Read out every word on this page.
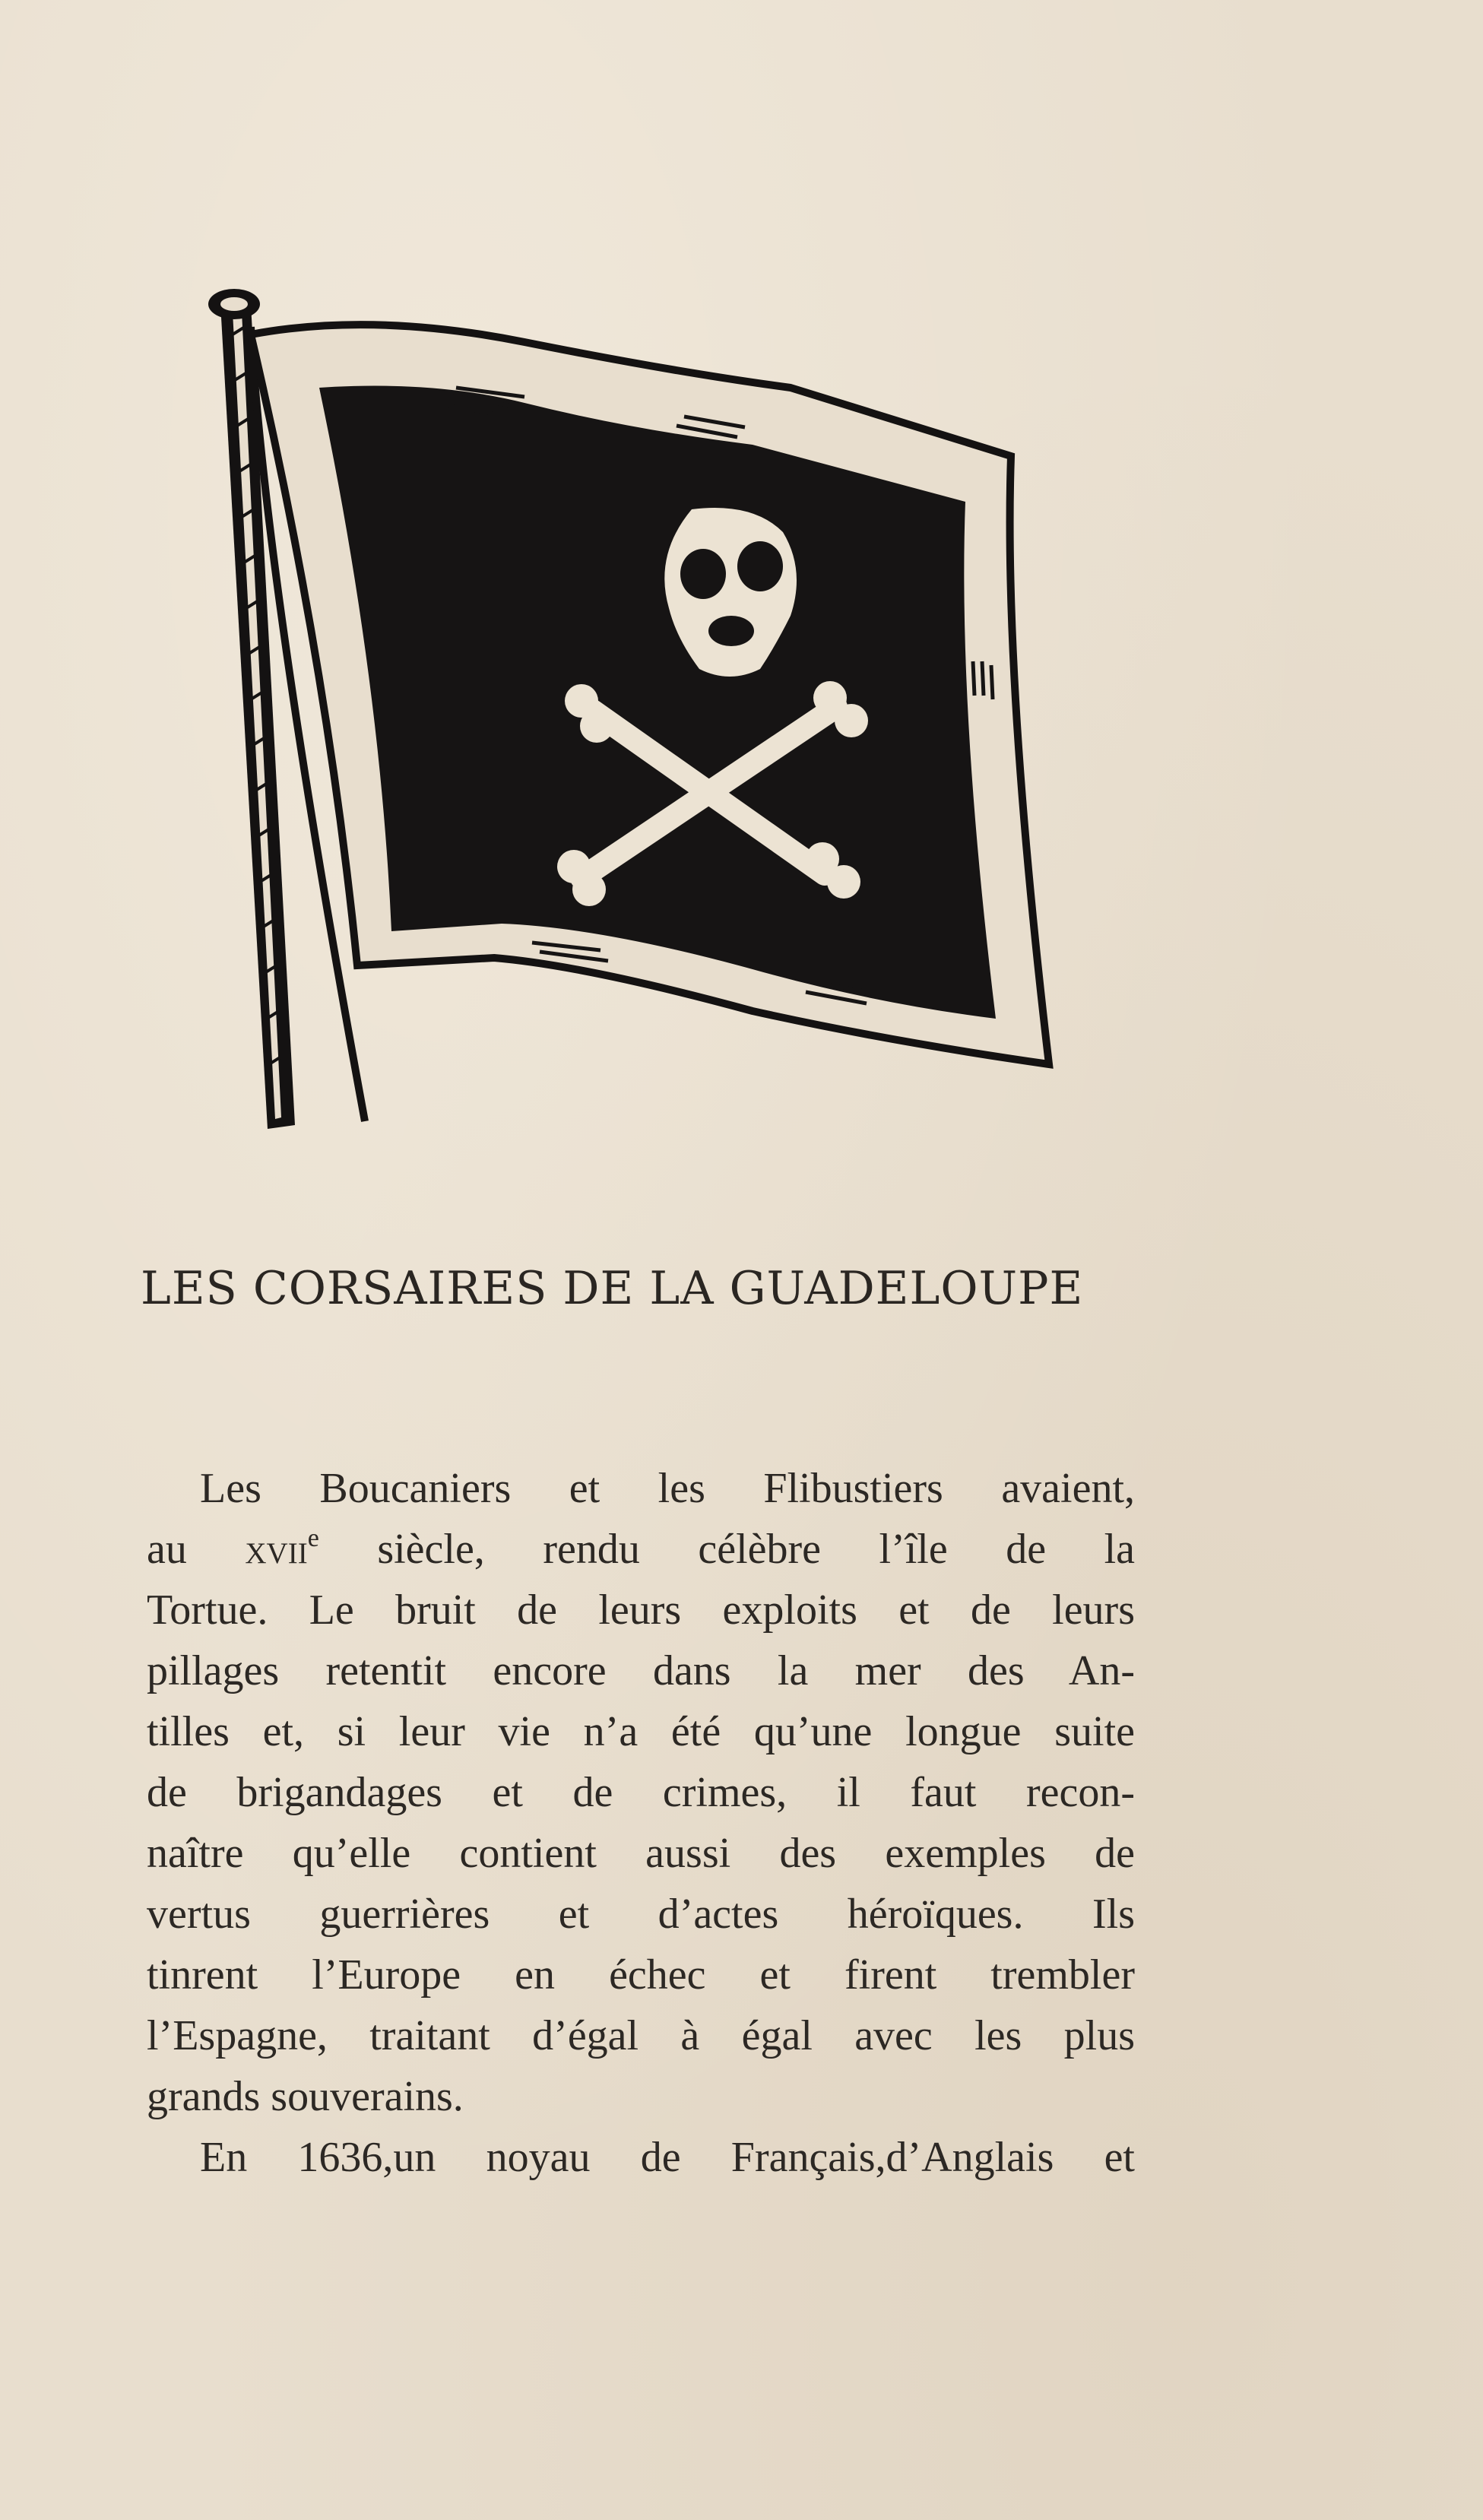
LES CORSAIRES DE LA GUADELOUPE
Les Boucaniers et les Flibustiers avaient,
au xvii$^e$ siècle, rendu célèbre l’île de la
Tortue. Le bruit de leurs exploits et de leurs
pillages retentit encore dans la mer des An-
tilles et, si leur vie n’a été qu’une longue suite
de brigandages et de crimes, il faut recon-
naître qu’elle contient aussi des exemples de
vertus guerrières et d’actes héroïques. Ils
tinrent l’Europe en échec et firent trembler
l’Espagne, traitant d’égal à égal avec les plus
grands souverains.
En 1636,un noyau de Français,d’Anglais et
